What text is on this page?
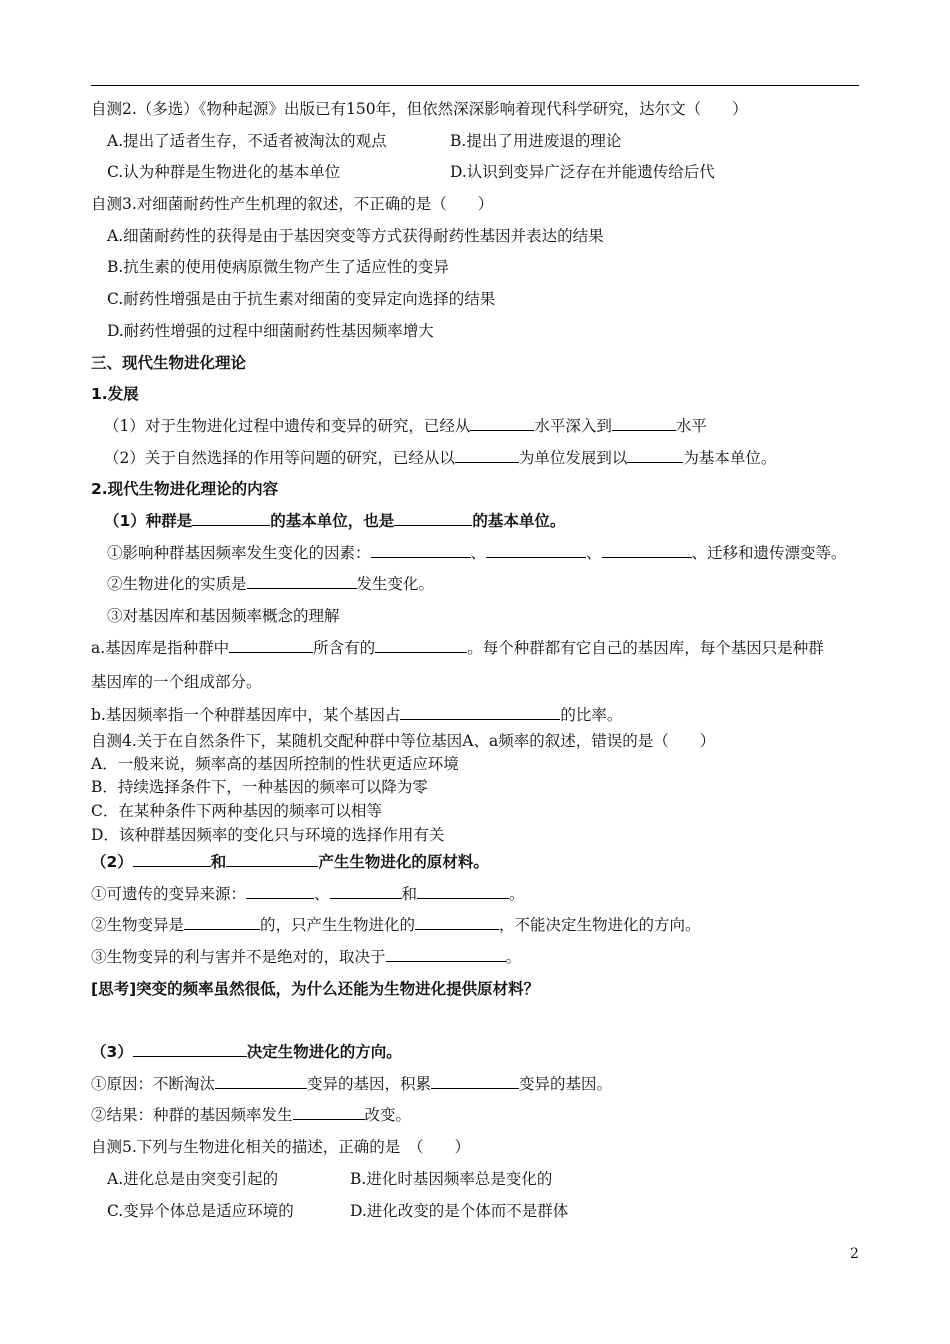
自测2.（多选）《物种起源》出版已有150年，但依然深深影响着现代科学研究，达尔文（　　）
A.提出了适者生存，不适者被淘汰的观点	B.提出了用进废退的理论
C.认为种群是生物进化的基本单位	D.认识到变异广泛存在并能遗传给后代
自测3.对细菌耐药性产生机理的叙述，不正确的是（　　）
A.细菌耐药性的获得是由于基因突变等方式获得耐药性基因并表达的结果
B.抗生素的使用使病原微生物产生了适应性的变异
C.耐药性增强是由于抗生素对细菌的变异定向选择的结果
D.耐药性增强的过程中细菌耐药性基因频率增大
三、现代生物进化理论
1.发展
（1）对于生物进化过程中遗传和变异的研究，已经从	水平深入到	水平
（2）关于自然选择的作用等问题的研究，已经从以	为单位发展到以	为基本单位。
2.现代生物进化理论的内容
（1）种群是	的基本单位，也是	的基本单位。
①影响种群基因频率发生变化的因素：	、	、	、迁移和遗传漂变等。
②生物进化的实质是	发生变化。
③对基因库和基因频率概念的理解
a.基因库是指种群中	所含有的	。每个种群都有它自己的基因库，每个基因只是种群
基因库的一个组成部分。
b.基因频率指一个种群基因库中，某个基因占	的比率。
自测4.关于在自然条件下，某随机交配种群中等位基因A、a频率的叙述，错误的是（　　）
A．一般来说，频率高的基因所控制的性状更适应环境
B．持续选择条件下，一种基因的频率可以降为零
C．在某种条件下两种基因的频率可以相等
D．该种群基因频率的变化只与环境的选择作用有关
（2）	和	产生生物进化的原材料。
①可遗传的变异来源：	、	和	。
②生物变异是	的，只产生生物进化的	，不能决定生物进化的方向。
③生物变异的利与害并不是绝对的，取决于	。
[思考]突变的频率虽然很低，为什么还能为生物进化提供原材料？
（3）	决定生物进化的方向。
①原因：不断淘汰	变异的基因，积累	变异的基因。
②结果：种群的基因频率发生	改变。
自测5.下列与生物进化相关的描述，正确的是　（　　）
A.进化总是由突变引起的	B.进化时基因频率总是变化的
C.变异个体总是适应环境的	D.进化改变的是个体而不是群体
2
